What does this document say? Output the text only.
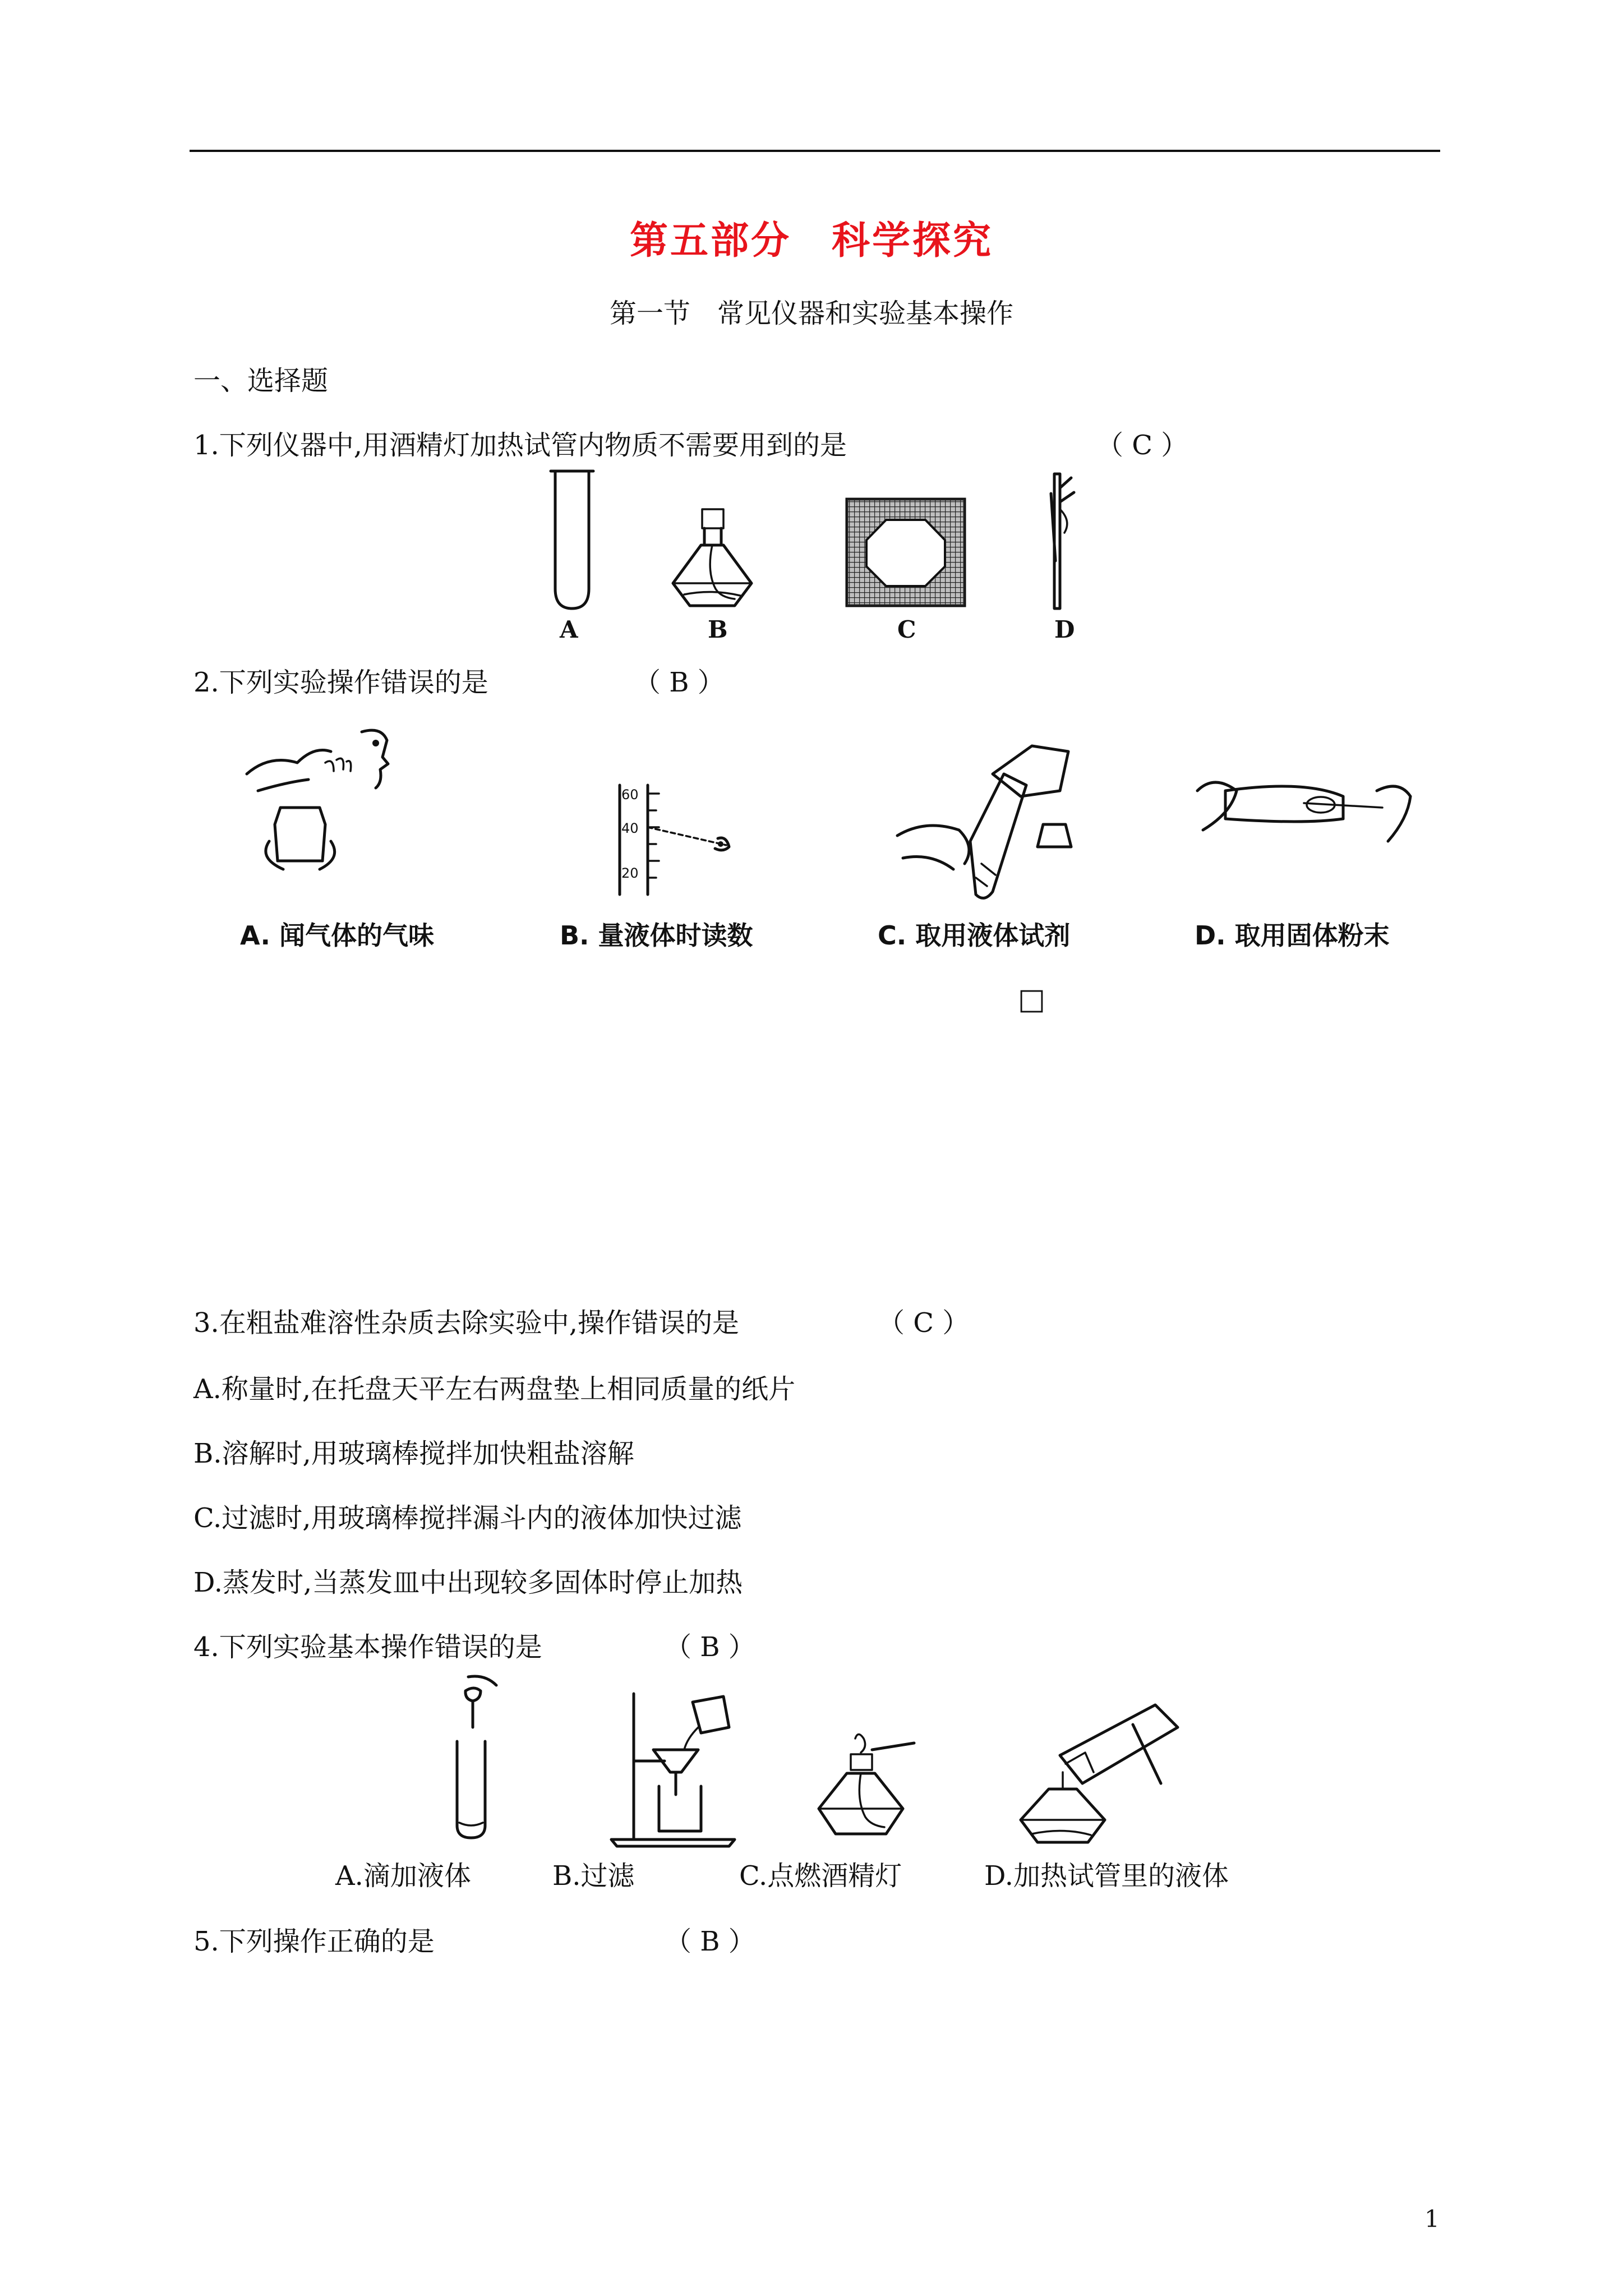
第五部分　科学探究
第一节　常见仪器和实验基本操作
一、选择题
1.下列仪器中,用酒精灯加热试管内物质不需要用到的是	（ C ）
A	B	C	D
2.下列实验操作错误的是	（ B ）
60
40
20
A. 闻气体的气味	B. 量液体时读数	C. 取用液体试剂	D. 取用固体粉末
□
3.在粗盐难溶性杂质去除实验中,操作错误的是	（ C ）
A.称量时,在托盘天平左右两盘垫上相同质量的纸片
B.溶解时,用玻璃棒搅拌加快粗盐溶解
C.过滤时,用玻璃棒搅拌漏斗内的液体加快过滤
D.蒸发时,当蒸发皿中出现较多固体时停止加热
4.下列实验基本操作错误的是	（ B ）
A.滴加液体	B.过滤	C.点燃酒精灯	D.加热试管里的液体
5.下列操作正确的是	（ B ）
1
